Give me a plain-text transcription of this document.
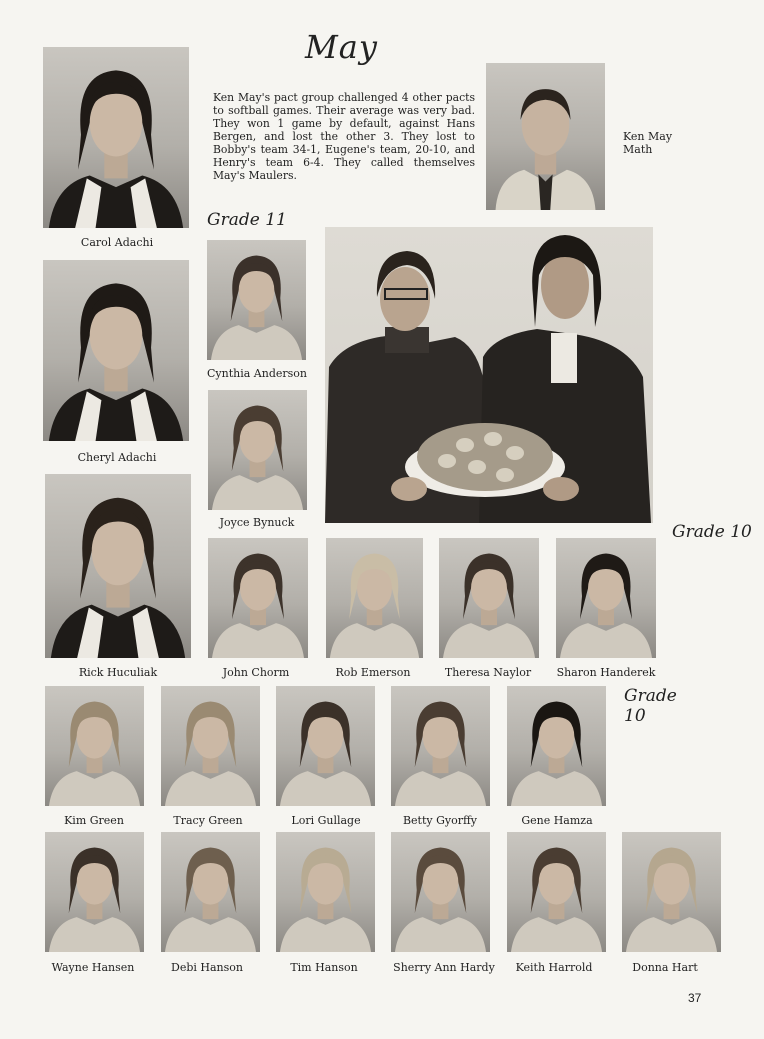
May
Ken May's pact group challenged 4 other pacts to softball games. Their average was very bad. They won 1 game by default, against Hans Bergen, and lost the other 3. They lost to Bobby's team 34-1, Eugene's team, 20-10, and Henry's team 6-4. They called themselves May's Maulers.
Ken May
Math
Grade 11
Grade 10
Grade
10
Carol Adachi
Cheryl Adachi
Rick Huculiak
Cynthia Anderson
Joyce Bynuck
John Chorm	Rob Emerson	Theresa Naylor	Sharon Handerek
Kim Green	Tracy Green	Lori Gullage	Betty Gyorffy	Gene Hamza
Wayne Hansen	Debi Hanson	Tim Hanson	Sherry Ann Hardy	Keith Harrold	Donna Hart
37
